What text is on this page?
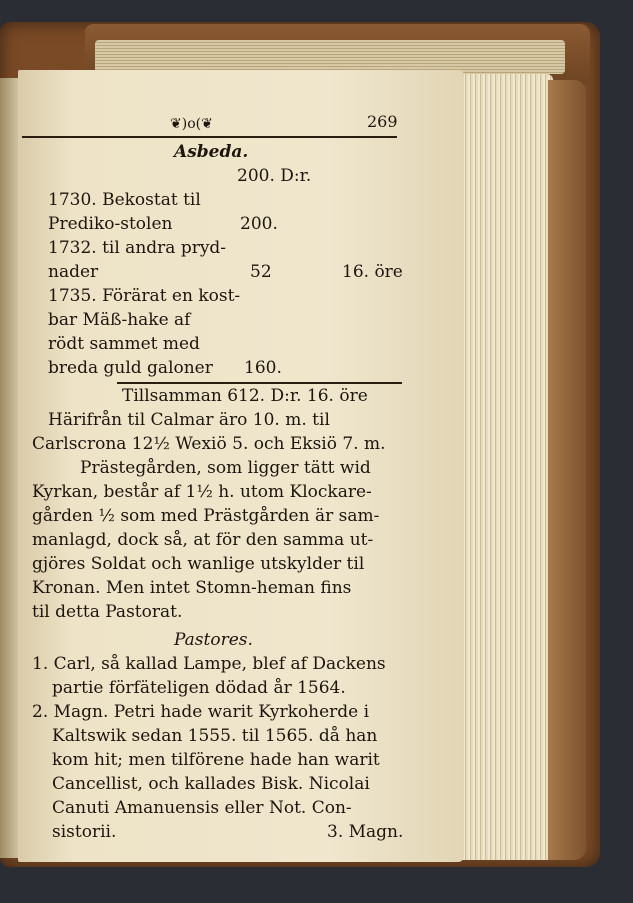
❦)o(❦	269
Asbeda.
200. D:r.
1730. Bekostat til
Prediko-stolen	200.
1732. til andra pryd-
nader	52	16. öre
1735. Förärat en kost-
bar Mäß-hake af
rödt sammet med
breda guld galoner 160.
Tillsamman 612. D:r. 16. öre
Härifrån til Calmar äro 10. m. til
Carlscrona 12½ Wexiö 5. och Eksiö 7. m.
Prästegården, som ligger tätt wid
Kyrkan, består af 1½ h. utom Klockare-
gården ½ som med Prästgården är sam-
manlagd, dock så, at för den samma ut-
gjöres Soldat och wanlige utskylder til
Kronan. Men intet Stomn-heman fins
til detta Pastorat.
Pastores.
1. Carl, så kallad Lampe, blef af Dackens
partie förfäteligen dödad år 1564.
2. Magn. Petri hade warit Kyrkoherde i
Kaltswik sedan 1555. til 1565. då han
kom hit; men tilförene hade han warit
Cancellist, och kallades Bisk. Nicolai
Canuti Amanuensis eller Not. Con-
sistorii.	3. Magn.
